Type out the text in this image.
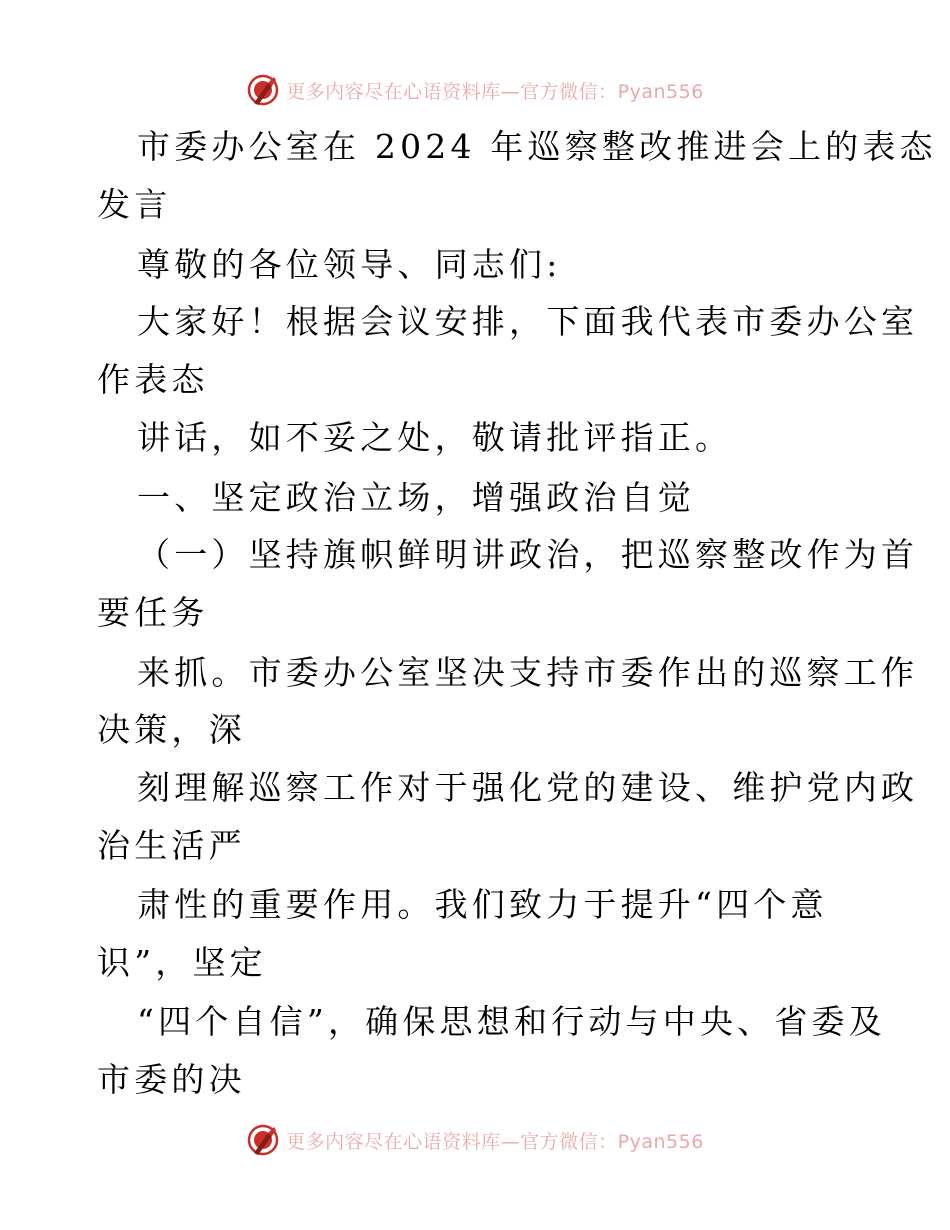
更多内容尽在心语资料库—官方微信：Pyan556
市委办公室在 2024 年巡察整改推进会上的表态
发言
尊敬的各位领导、同志们:
大家好！根据会议安排，下面我代表市委办公室
作表态
讲话，如不妥之处，敬请批评指正。
一、坚定政治立场，增强政治自觉
（一）坚持旗帜鲜明讲政治，把巡察整改作为首
要任务
来抓。市委办公室坚决支持市委作出的巡察工作
决策，深
刻理解巡察工作对于强化党的建设、维护党内政
治生活严
肃性的重要作用。我们致力于提升“四个意
识”，坚定
“四个自信”，确保思想和行动与中央、省委及
市委的决
更多内容尽在心语资料库—官方微信：Pyan556
